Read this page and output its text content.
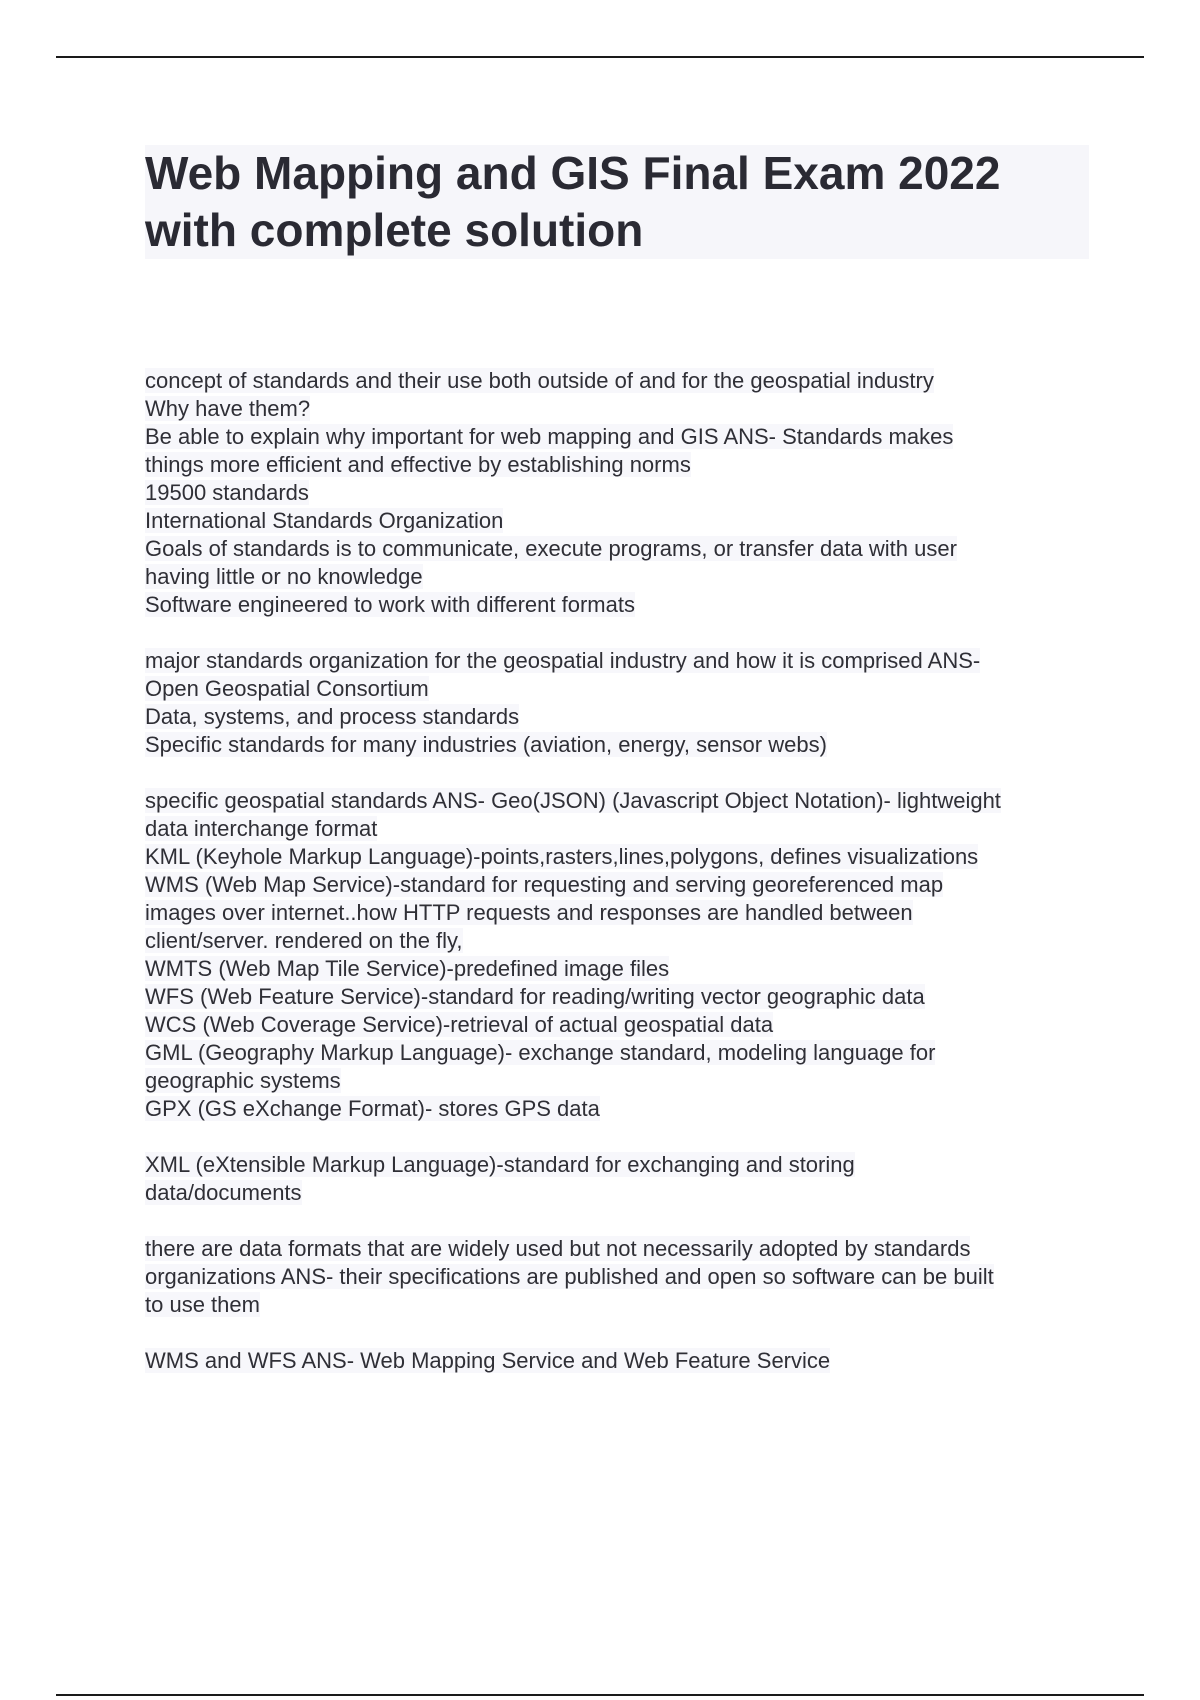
Web Mapping and GIS Final Exam 2022
with complete solution
concept of standards and their use both outside of and for the geospatial industry
Why have them?
Be able to explain why important for web mapping and GIS ANS- Standards makes
things more efficient and effective by establishing norms
19500 standards
International Standards Organization
Goals of standards is to communicate, execute programs, or transfer data with user
having little or no knowledge
Software engineered to work with different formats
major standards organization for the geospatial industry and how it is comprised ANS-
Open Geospatial Consortium
Data, systems, and process standards
Specific standards for many industries (aviation, energy, sensor webs)
specific geospatial standards ANS- Geo(JSON) (Javascript Object Notation)- lightweight
data interchange format
KML (Keyhole Markup Language)-points,rasters,lines,polygons, defines visualizations
WMS (Web Map Service)-standard for requesting and serving georeferenced map
images over internet..how HTTP requests and responses are handled between
client/server. rendered on the fly,
WMTS (Web Map Tile Service)-predefined image files
WFS (Web Feature Service)-standard for reading/writing vector geographic data
WCS (Web Coverage Service)-retrieval of actual geospatial data
GML (Geography Markup Language)- exchange standard, modeling language for
geographic systems
GPX (GS eXchange Format)- stores GPS data
XML (eXtensible Markup Language)-standard for exchanging and storing
data/documents
there are data formats that are widely used but not necessarily adopted by standards
organizations ANS- their specifications are published and open so software can be built
to use them
WMS and WFS ANS- Web Mapping Service and Web Feature Service
